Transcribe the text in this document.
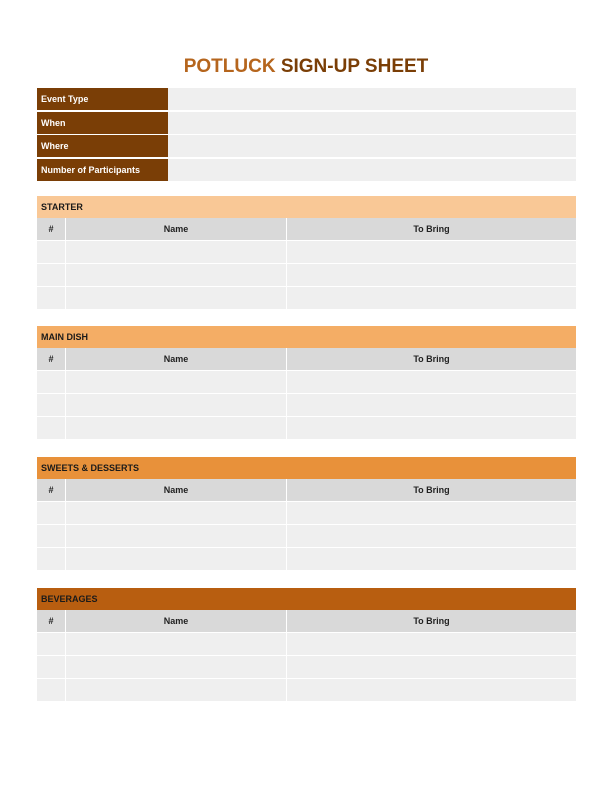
POTLUCK SIGN-UP SHEET
Event Type
When
Where
Number of Participants
STARTER
#	Name	To Bring
MAIN DISH
#	Name	To Bring
SWEETS & DESSERTS
#	Name	To Bring
BEVERAGES
#	Name	To Bring
